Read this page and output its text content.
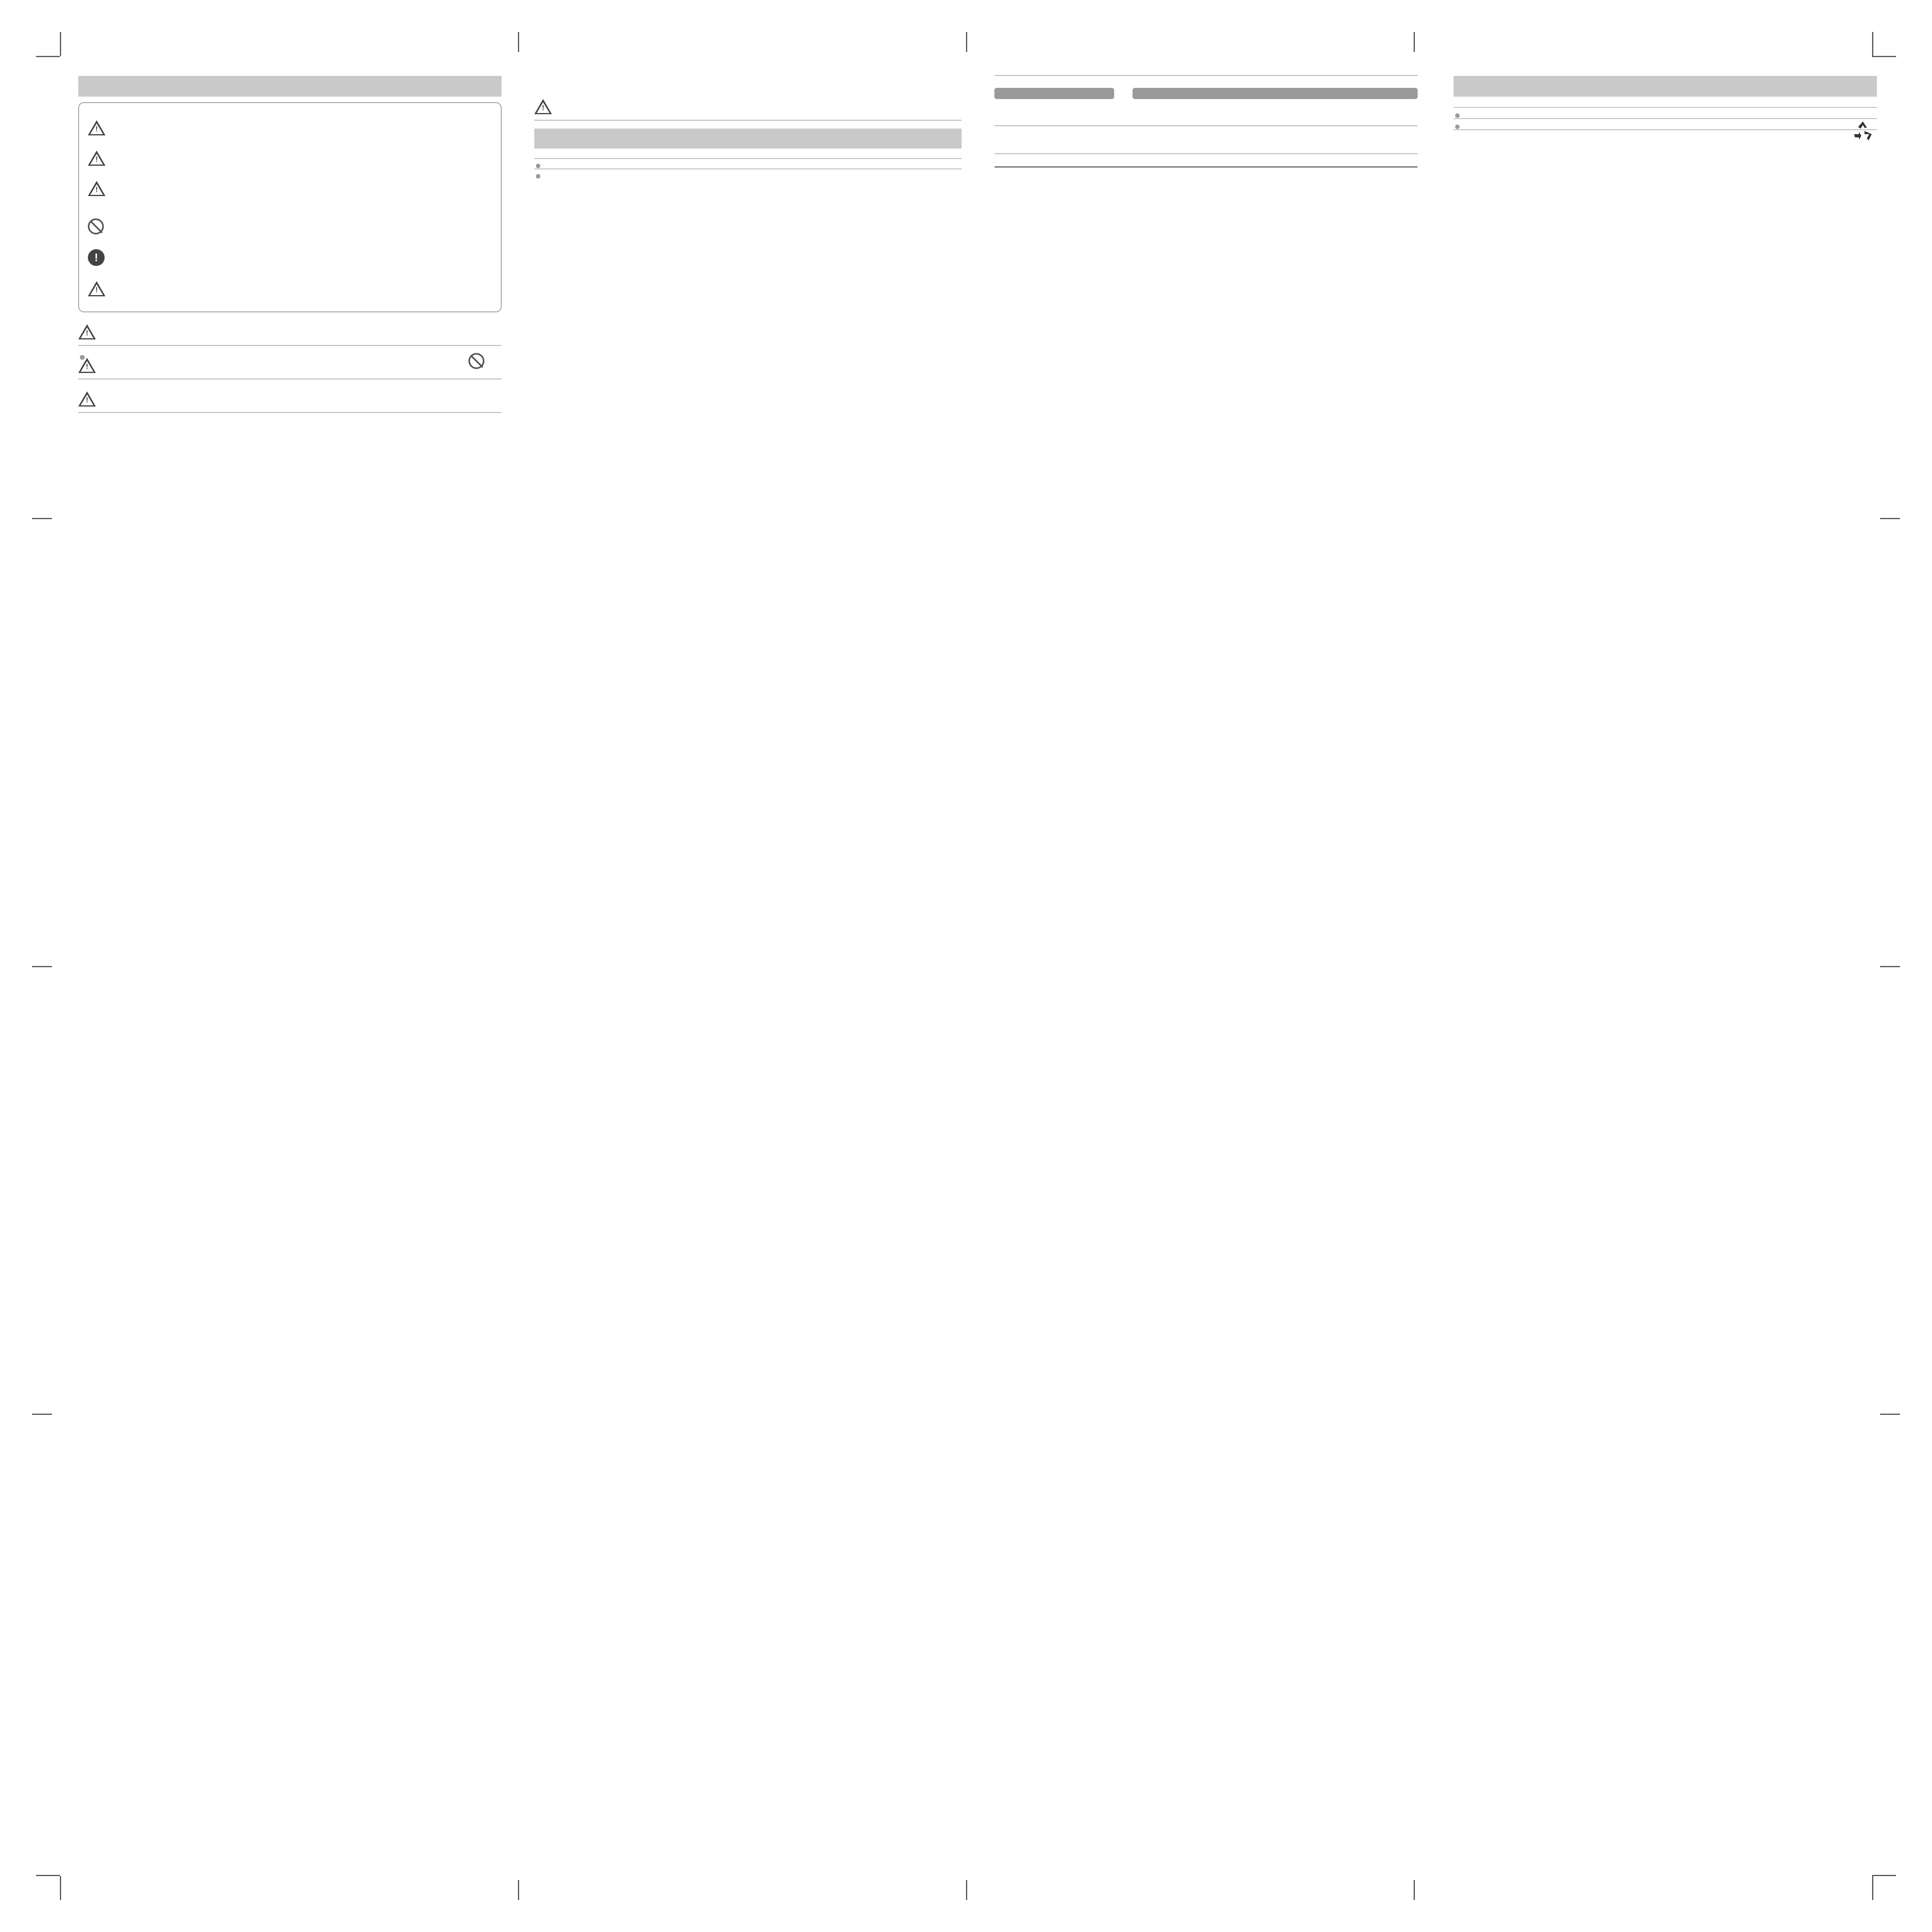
!
!
!
!
!
!
!
!
!
